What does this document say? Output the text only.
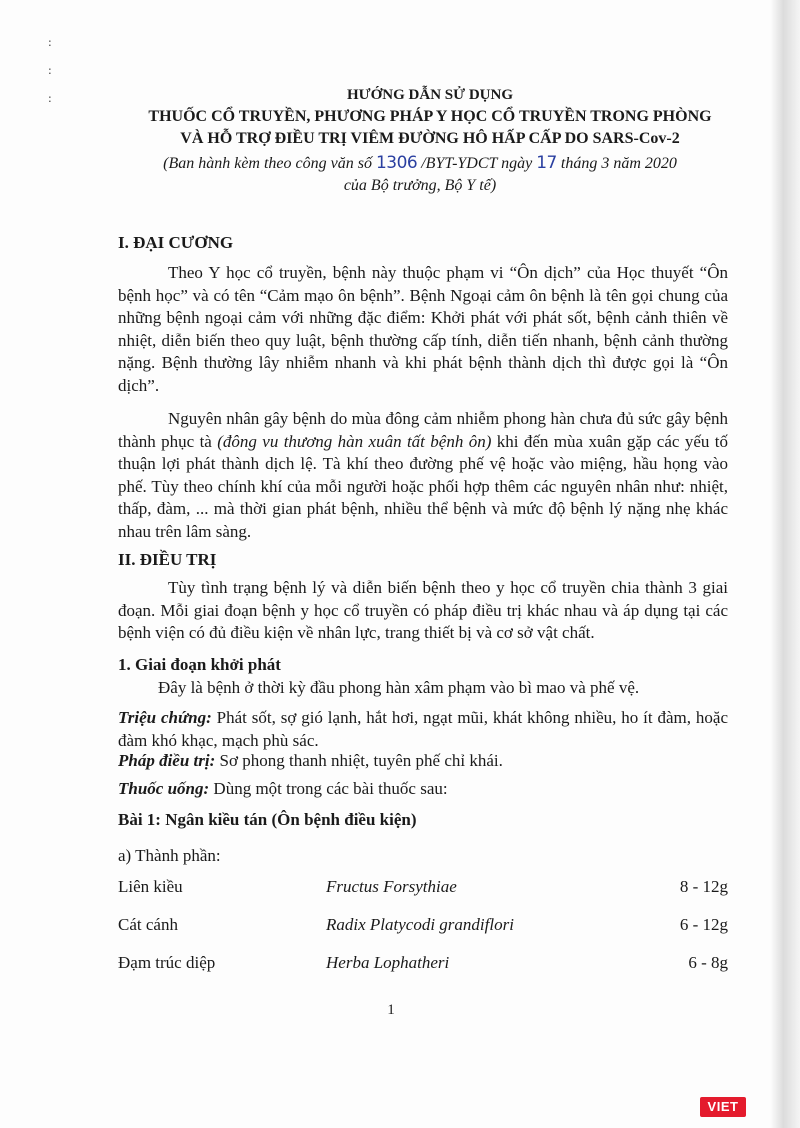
:

:

:	HƯỚNG DẪN SỬ DỤNG
THUỐC CỔ TRUYỀN, PHƯƠNG PHÁP Y HỌC CỔ TRUYỀN TRONG PHÒNG
VÀ HỖ TRỢ ĐIỀU TRỊ VIÊM ĐƯỜNG HÔ HẤP CẤP DO SARS-Cov-2
(Ban hành kèm theo công văn số 1306 /BYT-YDCT ngày 17 tháng 3 năm 2020
của Bộ trưởng, Bộ Y tế)
I. ĐẠI CƯƠNG
Theo Y học cổ truyền, bệnh này thuộc phạm vi “Ôn dịch” của Học thuyết “Ôn bệnh học” và có tên “Cảm mạo ôn bệnh”. Bệnh Ngoại cảm ôn bệnh là tên gọi chung của những bệnh ngoại cảm với những đặc điểm: Khởi phát với phát sốt, bệnh cảnh thiên về nhiệt, diễn biến theo quy luật, bệnh thường cấp tính, diễn tiến nhanh, bệnh cảnh thường nặng. Bệnh thường lây nhiễm nhanh và khi phát bệnh thành dịch thì được gọi là “Ôn dịch”.
Nguyên nhân gây bệnh do mùa đông cảm nhiễm phong hàn chưa đủ sức gây bệnh thành phục tà (đông vu thương hàn xuân tất bệnh ôn) khi đến mùa xuân gặp các yếu tố thuận lợi phát thành dịch lệ. Tà khí theo đường phế vệ hoặc vào miệng, hầu họng vào phế. Tùy theo chính khí của mỗi người hoặc phối hợp thêm các nguyên nhân như: nhiệt, thấp, đàm, ... mà thời gian phát bệnh, nhiều thể bệnh và mức độ bệnh lý nặng nhẹ khác nhau trên lâm sàng.
II. ĐIỀU TRỊ
Tùy tình trạng bệnh lý và diễn biến bệnh theo y học cổ truyền chia thành 3 giai đoạn. Mỗi giai đoạn bệnh y học cổ truyền có pháp điều trị khác nhau và áp dụng tại các bệnh viện có đủ điều kiện về nhân lực, trang thiết bị và cơ sở vật chất.
1. Giai đoạn khởi phát
Đây là bệnh ở thời kỳ đầu phong hàn xâm phạm vào bì mao và phế vệ.
Triệu chứng: Phát sốt, sợ gió lạnh, hắt hơi, ngạt mũi, khát không nhiều, ho ít đàm, hoặc đàm khó khạc, mạch phù sác.
Pháp điều trị: Sơ phong thanh nhiệt, tuyên phế chỉ khái.
Thuốc uống: Dùng một trong các bài thuốc sau:
Bài 1: Ngân kiều tán (Ôn bệnh điều kiện)
a) Thành phần:
Liên kiều	Fructus Forsythiae	8 - 12g
Cát cánh	Radix Platycodi grandiflori	6 - 12g
Đạm trúc diệp	Herba Lophatheri	6 - 8g
1
VIET
